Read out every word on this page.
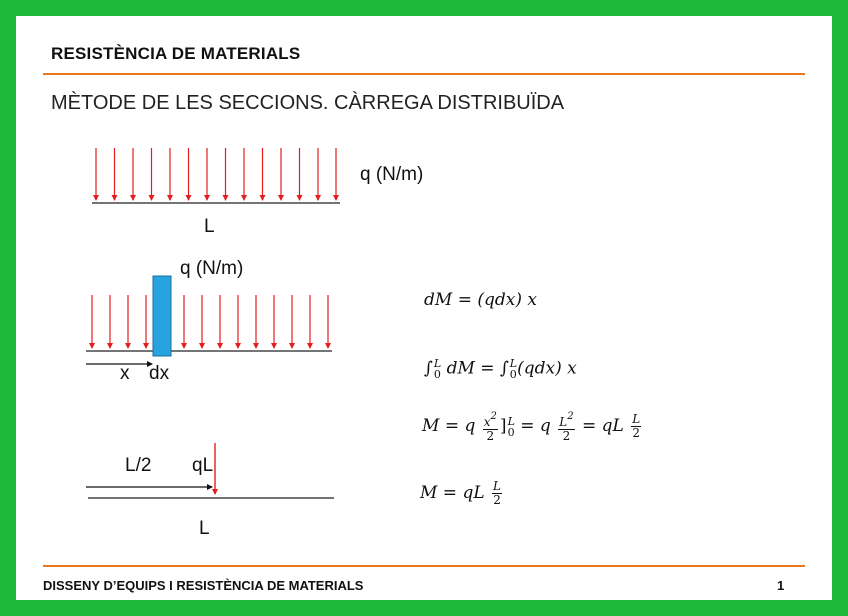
RESISTÈNCIA DE MATERIALS
MÈTODE DE LES SECCIONS. CÀRREGA DISTRIBUÏDA
q (N/m)
L
q (N/m)
x dx
L/2 qL
L
dM = (qdx) x
∫ L
0 dM = ∫ L
0 (qdx) x
M = q $\frac{x^2}{2}$ ] L
0 = q $\frac{L^2}{2}$ = qL $\frac{L}{2}$
M = qL $\frac{L}{2}$
DISSENY D’EQUIPS I RESISTÈNCIA DE MATERIALS	1
